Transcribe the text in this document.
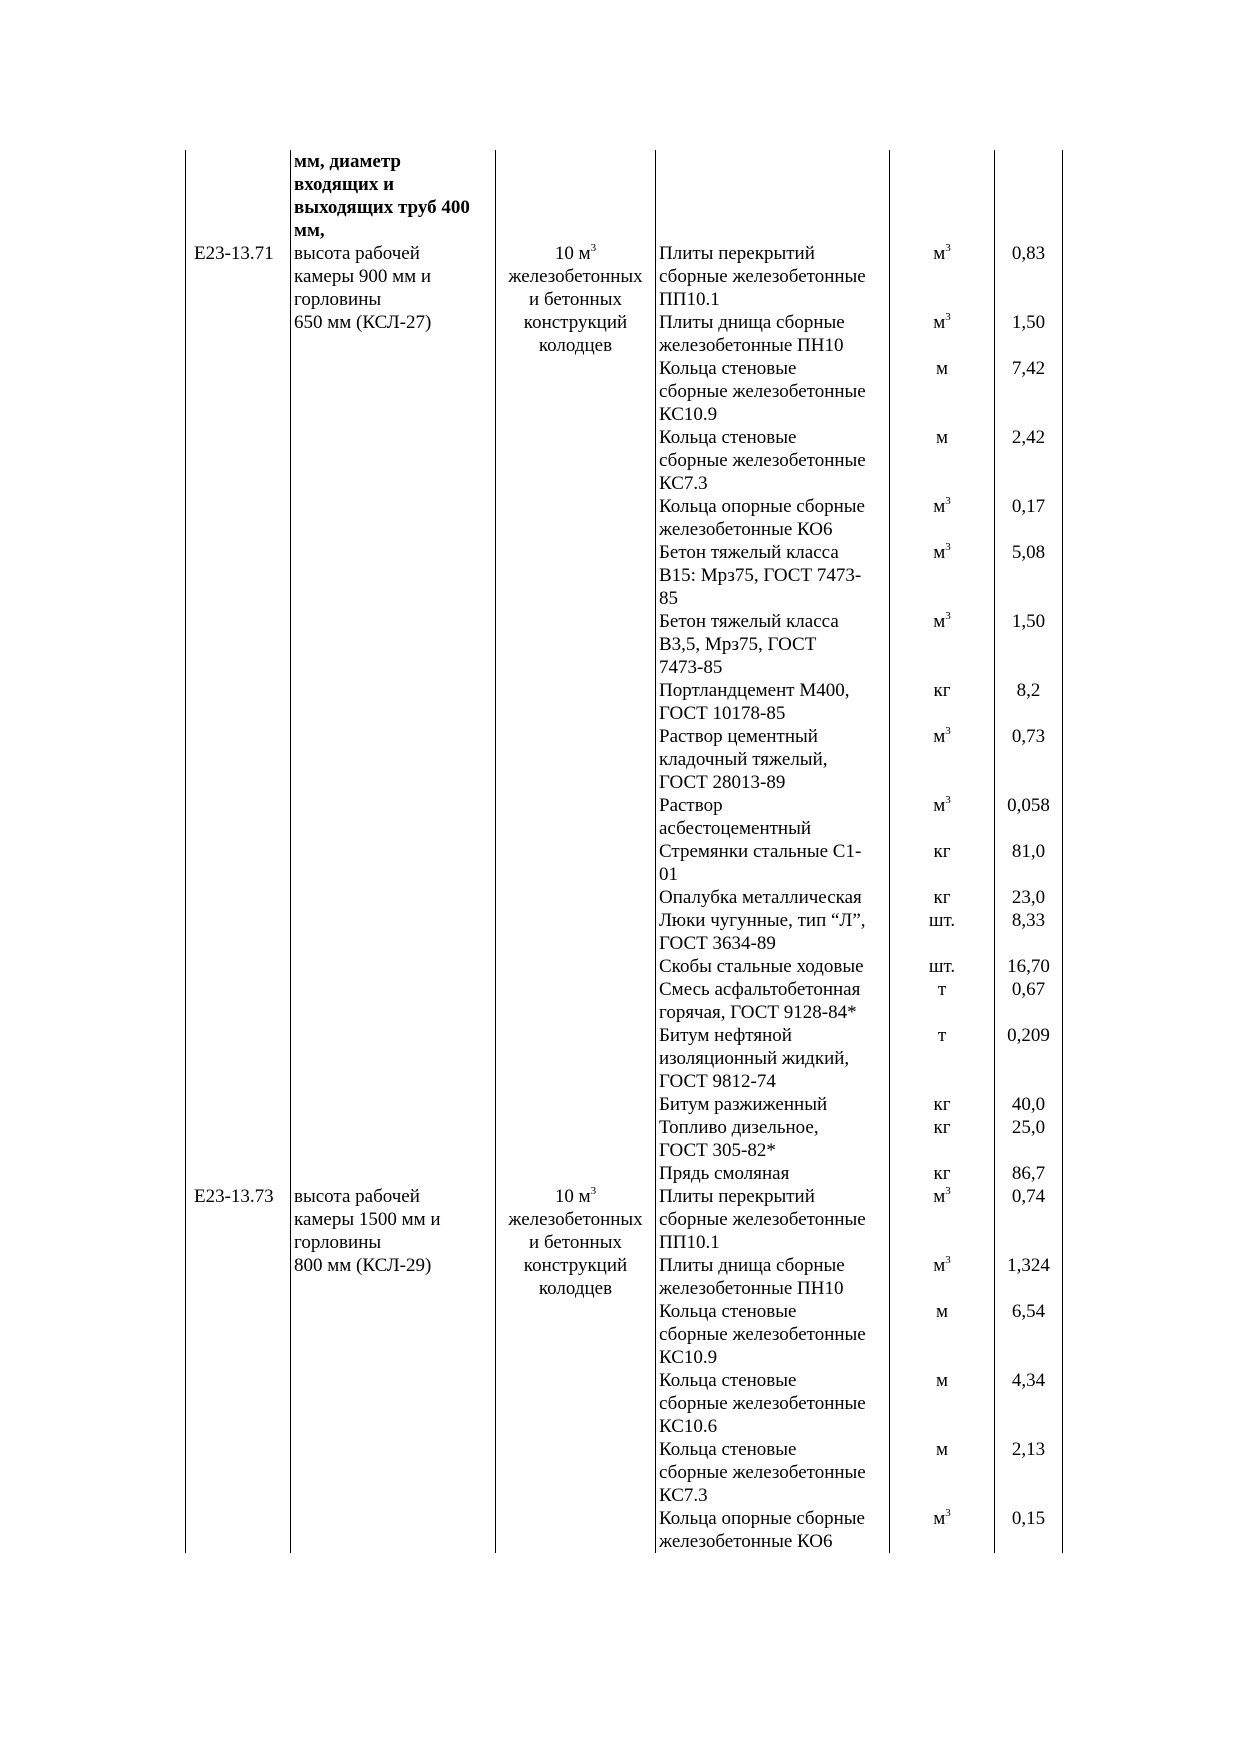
	мм, диаметр
входящих и
выходящих труб 400
мм,				
Е23-13.71	высота рабочей
камеры 900 мм и
горловины
650 мм (КСЛ-27)	10 $м^3$
железобетонных
и бетонных
конструкций
колодцев	Плиты перекрытий
сборные железобетонные
ПП10.1	$м^3$	0,83
			Плиты днища сборные
железобетонные ПН10	$м^3$	1,50
			Кольца стеновые
сборные железобетонные
КС10.9	м	7,42
			Кольца стеновые
сборные железобетонные
КС7.3	м	2,42
			Кольца опорные сборные
железобетонные КО6	$м^3$	0,17
			Бетон тяжелый класса
В15: Мрз75, ГОСТ 7473-
85	$м^3$	5,08
			Бетон тяжелый класса
В3,5, Мрз75, ГОСТ
7473-85	$м^3$	1,50
			Портландцемент М400,
ГОСТ 10178-85	кг	8,2
			Раствор цементный
кладочный тяжелый,
ГОСТ 28013-89	$м^3$	0,73
			Раствор
асбестоцементный	$м^3$	0,058
			Стремянки стальные С1-
01	кг	81,0
			Опалубка металлическая	кг	23,0
			Люки чугунные, тип “Л”,
ГОСТ 3634-89	шт.	8,33
			Скобы стальные ходовые	шт.	16,70
			Смесь асфальтобетонная
горячая, ГОСТ 9128-84*	т	0,67
			Битум нефтяной
изоляционный жидкий,
ГОСТ 9812-74	т	0,209
			Битум разжиженный	кг	40,0
			Топливо дизельное,
ГОСТ 305-82*	кг	25,0
			Прядь смоляная	кг	86,7
Е23-13.73	высота рабочей
камеры 1500 мм и
горловины
800 мм (КСЛ-29)	10 $м^3$
железобетонных
и бетонных
конструкций
колодцев	Плиты перекрытий
сборные железобетонные
ПП10.1	$м^3$	0,74
			Плиты днища сборные
железобетонные ПН10	$м^3$	1,324
			Кольца стеновые
сборные железобетонные
КС10.9	м	6,54
			Кольца стеновые
сборные железобетонные
КС10.6	м	4,34
			Кольца стеновые
сборные железобетонные
КС7.3	м	2,13
			Кольца опорные сборные
железобетонные КО6	$м^3$	0,15
